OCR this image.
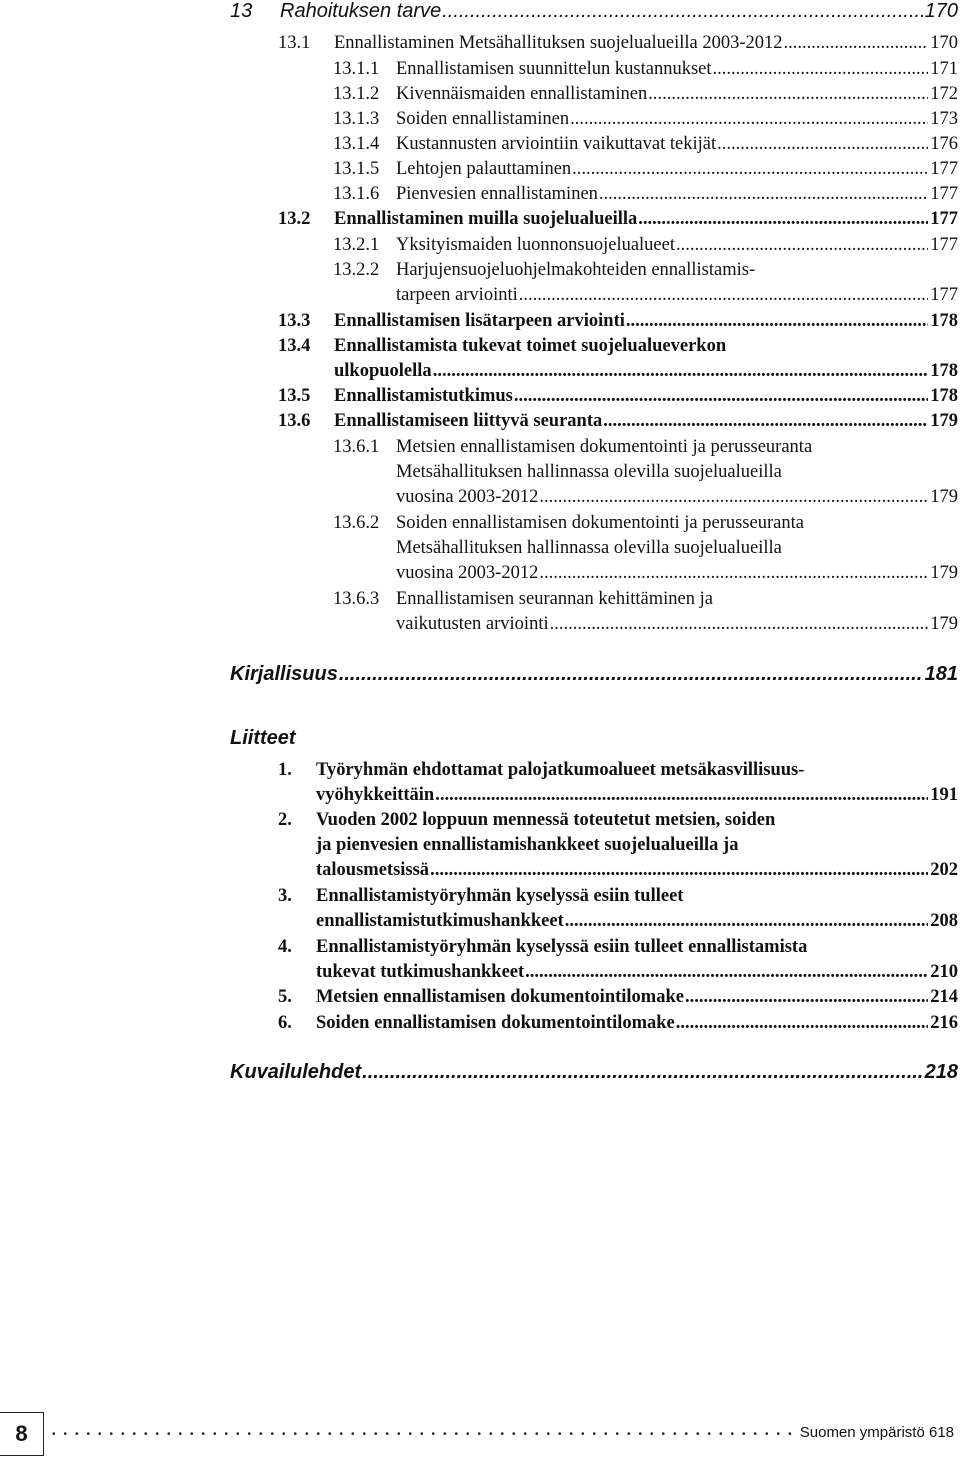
13 Rahoituksen tarve .....	170
13.1 Ennallistaminen Metsähallituksen suojelualueilla 2003-2012 .....	170
13.1.1 Ennallistamisen suunnittelun kustannukset .....	171
13.1.2 Kivennäismaiden ennallistaminen .....	172
13.1.3 Soiden ennallistaminen .....	173
13.1.4 Kustannusten arviointiin vaikuttavat tekijät .....	176
13.1.5 Lehtojen palauttaminen .....	177
13.1.6 Pienvesien ennallistaminen .....	177
13.2 Ennallistaminen muilla suojelualueilla .....	177
13.2.1 Yksityismaiden luonnonsuojelualueet .....	177
13.2.2 Harjujensuojeluohjelmakohteiden ennallistamis-
tarpeen arviointi .....	177
13.3 Ennallistamisen lisätarpeen arviointi .....	178
13.4 Ennallistamista tukevat toimet suojelualueverkon
ulkopuolella .....	178
13.5 Ennallistamistutkimus .....	178
13.6 Ennallistamiseen liittyvä seuranta .....	179
13.6.1 Metsien ennallistamisen dokumentointi ja perusseuranta
Metsähallituksen hallinnassa olevilla suojelualueilla
vuosina 2003-2012 .....	179
13.6.2 Soiden ennallistamisen dokumentointi ja perusseuranta
Metsähallituksen hallinnassa olevilla suojelualueilla
vuosina 2003-2012 .....	179
13.6.3 Ennallistamisen seurannan kehittäminen ja
vaikutusten arviointi .....	179
Kirjallisuus .....	181
Liitteet
1. Työryhmän ehdottamat palojatkumoalueet metsäkasvillisuus-
vyöhykkeittäin .....	191
2. Vuoden 2002 loppuun mennessä toteutetut metsien, soiden
ja pienvesien ennallistamishankkeet suojelualueilla ja
talousmetsissä .....	202
3. Ennallistamistyöryhmän kyselyssä esiin tulleet
ennallistamistutkimushankkeet .....	208
4. Ennallistamistyöryhmän kyselyssä esiin tulleet ennallistamista
tukevat tutkimushankkeet .....	210
5. Metsien ennallistamisen dokumentointilomake .....	214
6. Soiden ennallistamisen dokumentointilomake .....	216
Kuvailulehdet .....	218
8 •••••	Suomen ympäristö 618
